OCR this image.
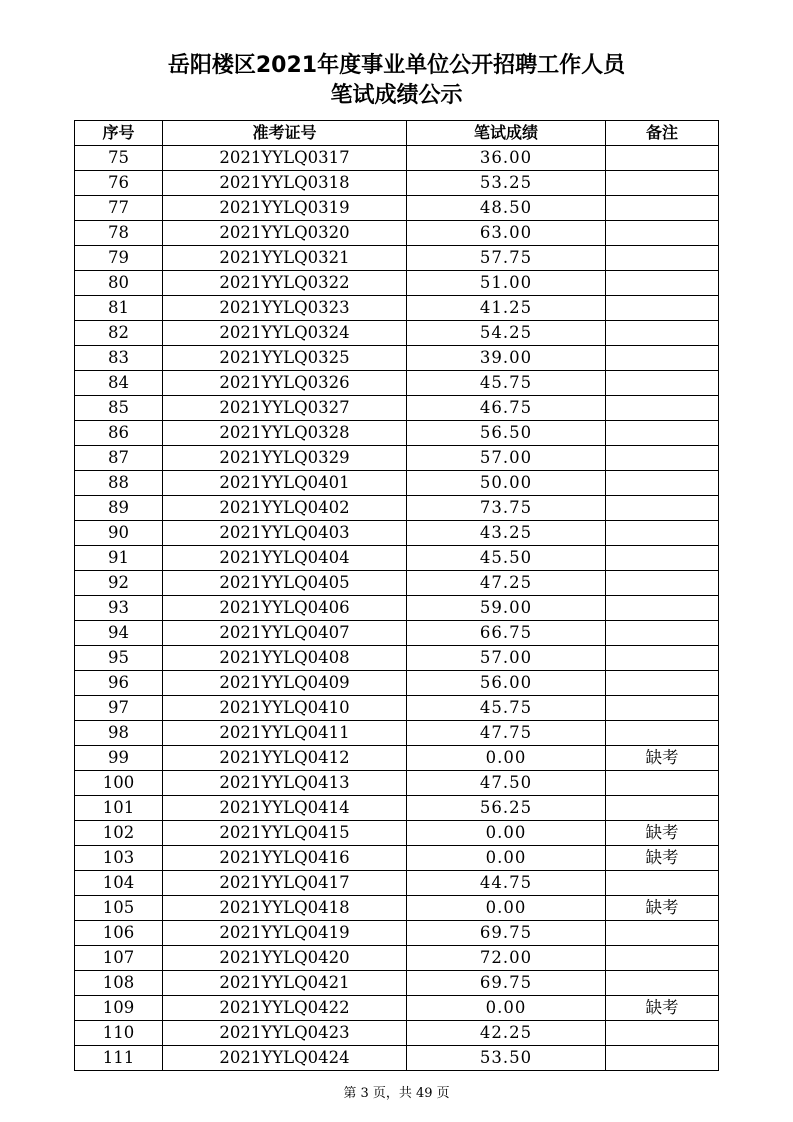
岳阳楼区2021年度事业单位公开招聘工作人员
笔试成绩公示
序号	准考证号	笔试成绩	备注
75	2021YYLQ0317	36.00	
76	2021YYLQ0318	53.25	
77	2021YYLQ0319	48.50	
78	2021YYLQ0320	63.00	
79	2021YYLQ0321	57.75	
80	2021YYLQ0322	51.00	
81	2021YYLQ0323	41.25	
82	2021YYLQ0324	54.25	
83	2021YYLQ0325	39.00	
84	2021YYLQ0326	45.75	
85	2021YYLQ0327	46.75	
86	2021YYLQ0328	56.50	
87	2021YYLQ0329	57.00	
88	2021YYLQ0401	50.00	
89	2021YYLQ0402	73.75	
90	2021YYLQ0403	43.25	
91	2021YYLQ0404	45.50	
92	2021YYLQ0405	47.25	
93	2021YYLQ0406	59.00	
94	2021YYLQ0407	66.75	
95	2021YYLQ0408	57.00	
96	2021YYLQ0409	56.00	
97	2021YYLQ0410	45.75	
98	2021YYLQ0411	47.75	
99	2021YYLQ0412	0.00	缺考
100	2021YYLQ0413	47.50	
101	2021YYLQ0414	56.25	
102	2021YYLQ0415	0.00	缺考
103	2021YYLQ0416	0.00	缺考
104	2021YYLQ0417	44.75	
105	2021YYLQ0418	0.00	缺考
106	2021YYLQ0419	69.75	
107	2021YYLQ0420	72.00	
108	2021YYLQ0421	69.75	
109	2021YYLQ0422	0.00	缺考
110	2021YYLQ0423	42.25	
111	2021YYLQ0424	53.50	
第 3 页，共 49 页
